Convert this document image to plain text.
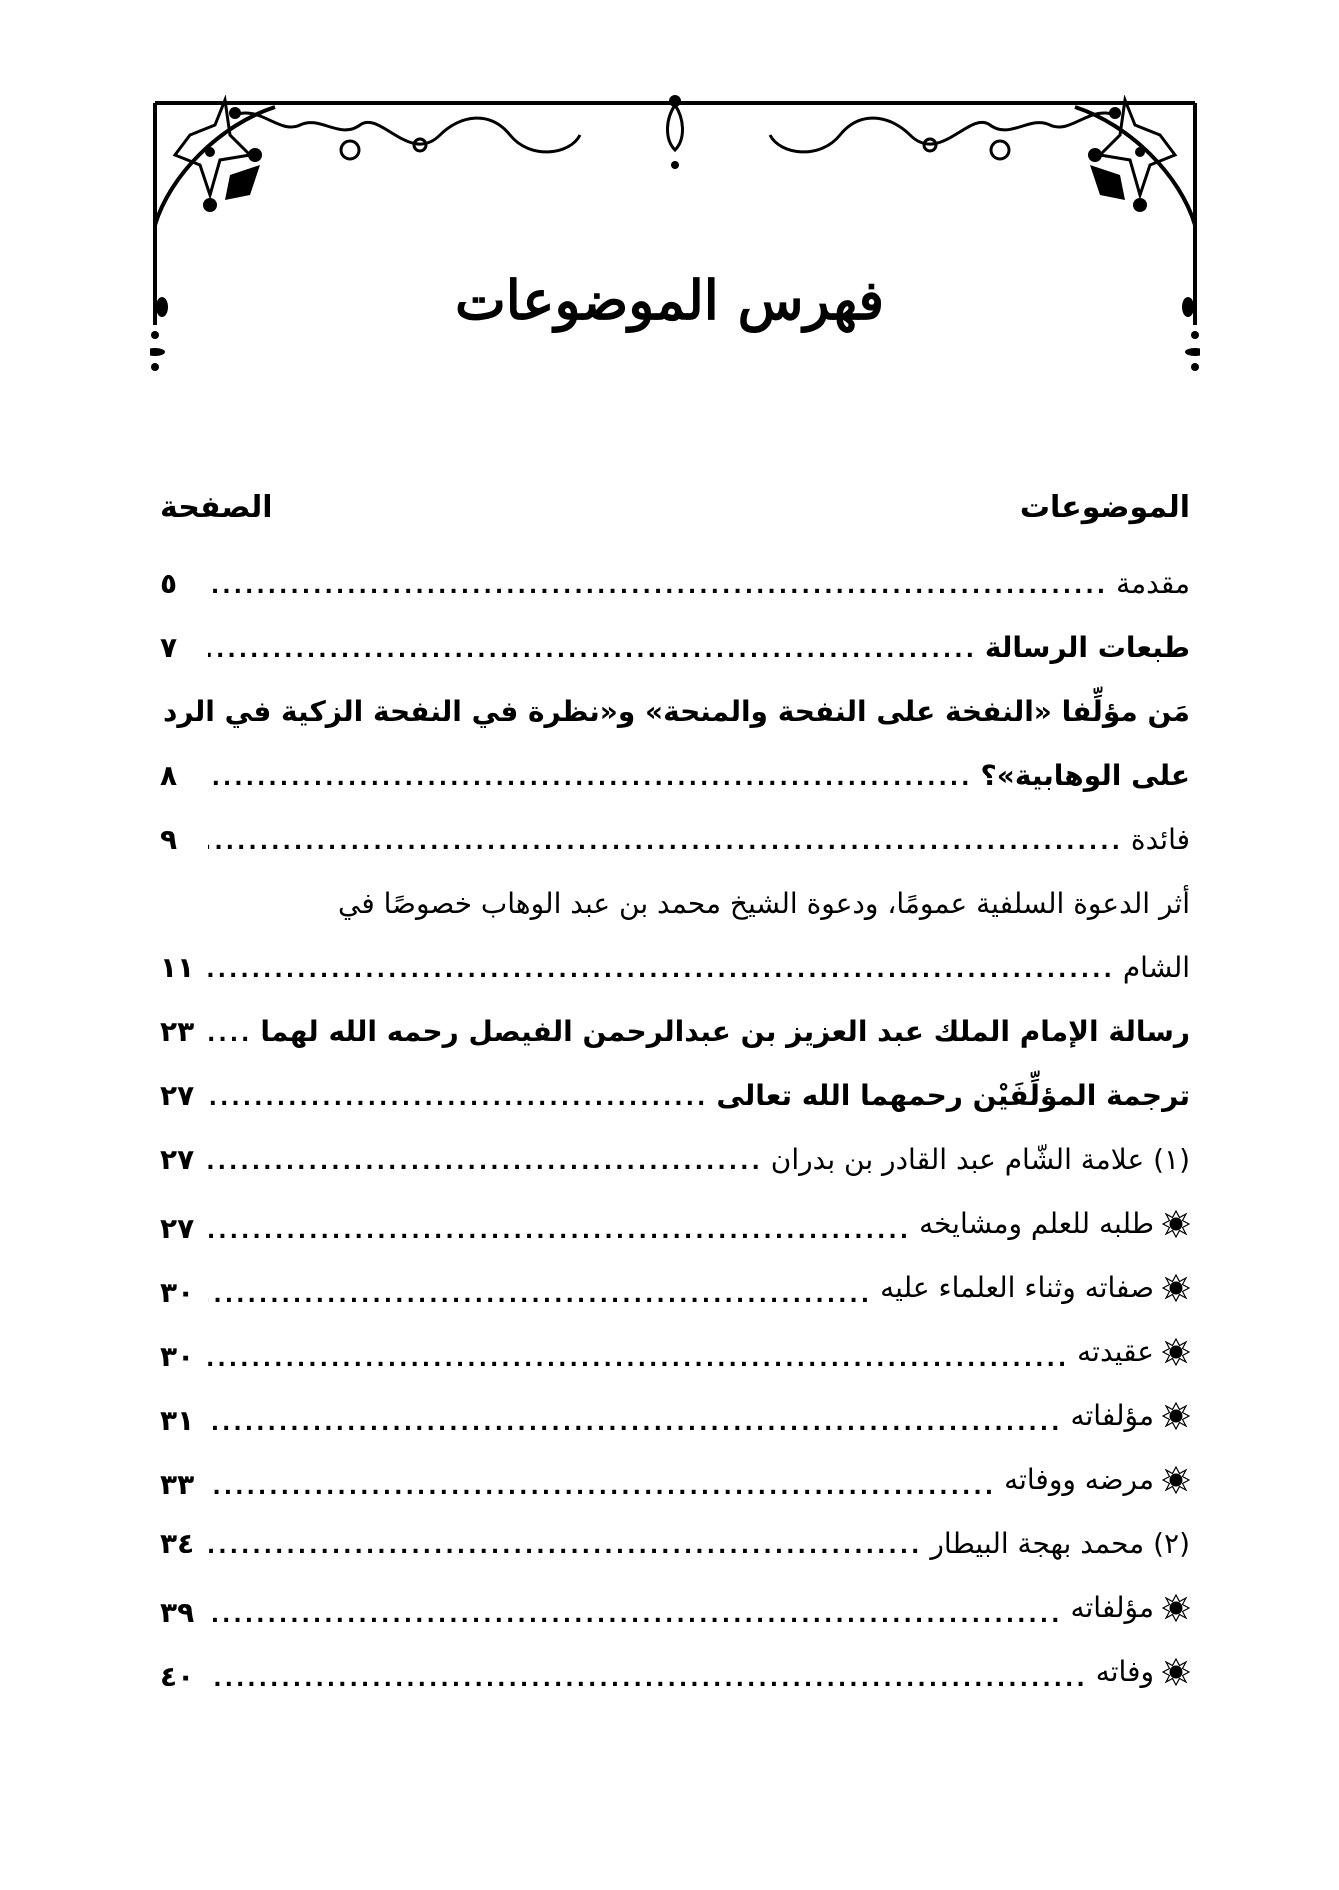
فهرس الموضوعات
الموضوعات
الصفحة
مقدمة
.....
٥
طبعات الرسالة
.....
٧
مَن مؤلِّفا «النفخة على النفحة والمنحة» و«نظرة في النفحة الزكية في الرد
على الوهابية»؟
.....
٨
فائدة
.....
٩
أثر الدعوة السلفية عمومًا، ودعوة الشيخ محمد بن عبد الوهاب خصوصًا في
الشام
.....
١١
رسالة الإمام الملك عبد العزيز بن عبدالرحمن الفيصل رحمه الله لهما
.....
٢٣
ترجمة المؤلِّفَيْن رحمهما الله تعالى
.....
٢٧
(١) علامة الشّام عبد القادر بن بدران
.....
٢٧
طلبه للعلم ومشايخه
.....
٢٧
صفاته وثناء العلماء عليه
.....
٣٠
عقيدته
.....
٣٠
مؤلفاته
.....
٣١
مرضه ووفاته
.....
٣٣
(٢) محمد بهجة البيطار
.....
٣٤
مؤلفاته
.....
٣٩
وفاته
.....
٤٠
